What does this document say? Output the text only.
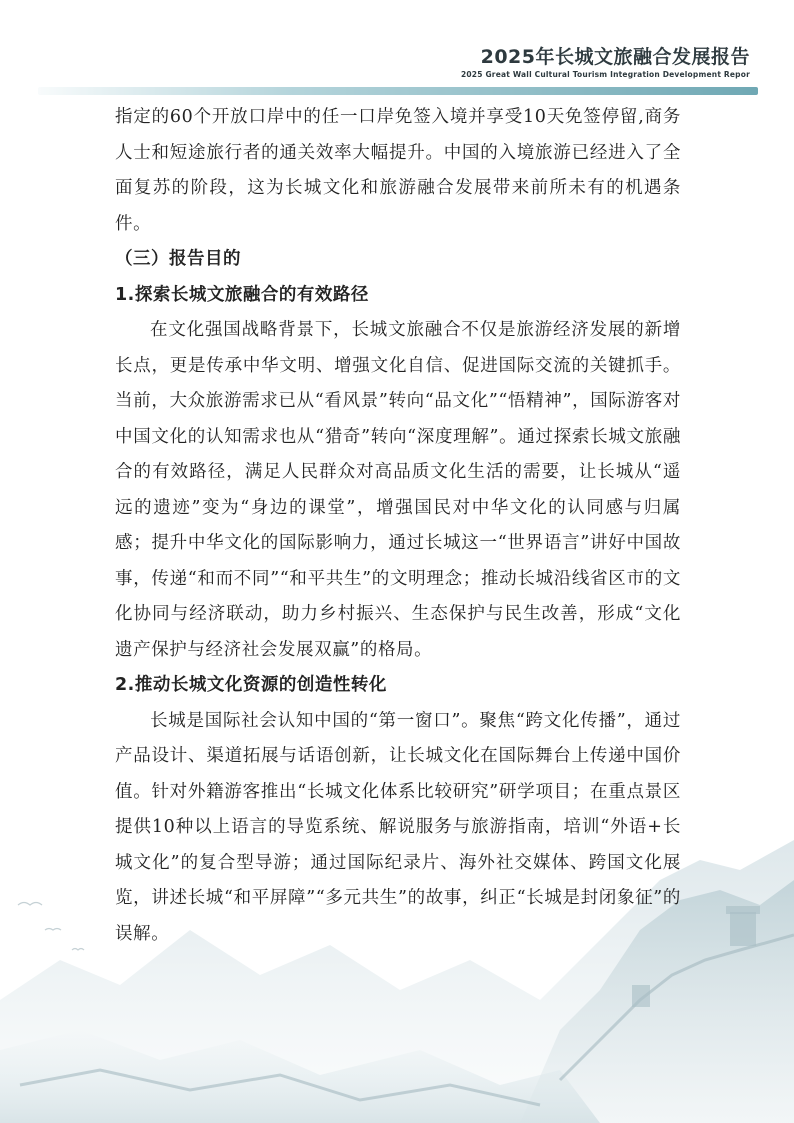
2025年长城文旅融合发展报告
2025 Great Wall Cultural Tourism Integration Development Repor

指定的60个开放口岸中的任一口岸免签入境并享受10天免签停留,商务人士和短途旅行者的通关效率大幅提升。中国的入境旅游已经进入了全面复苏的阶段，这为长城文化和旅游融合发展带来前所未有的机遇条件。

（三）报告目的

1.探索长城文旅融合的有效路径

在文化强国战略背景下，长城文旅融合不仅是旅游经济发展的新增长点，更是传承中华文明、增强文化自信、促进国际交流的关键抓手。当前，大众旅游需求已从“看风景”转向“品文化”“悟精神”，国际游客对中国文化的认知需求也从“猎奇”转向“深度理解”。通过探索长城文旅融合的有效路径，满足人民群众对高品质文化生活的需要，让长城从“遥远的遗迹”变为“身边的课堂”，增强国民对中华文化的认同感与归属感；提升中华文化的国际影响力，通过长城这一“世界语言”讲好中国故事，传递“和而不同”“和平共生”的文明理念；推动长城沿线省区市的文化协同与经济联动，助力乡村振兴、生态保护与民生改善，形成“文化遗产保护与经济社会发展双赢”的格局。

2.推动长城文化资源的创造性转化

长城是国际社会认知中国的“第一窗口”。聚焦“跨文化传播”，通过产品设计、渠道拓展与话语创新，让长城文化在国际舞台上传递中国价值。针对外籍游客推出“长城文化体系比较研究”研学项目；在重点景区提供10种以上语言的导览系统、解说服务与旅游指南，培训“外语+长城文化”的复合型导游；通过国际纪录片、海外社交媒体、跨国文化展览，讲述长城“和平屏障”“多元共生”的故事，纠正“长城是封闭象征”的误解。
